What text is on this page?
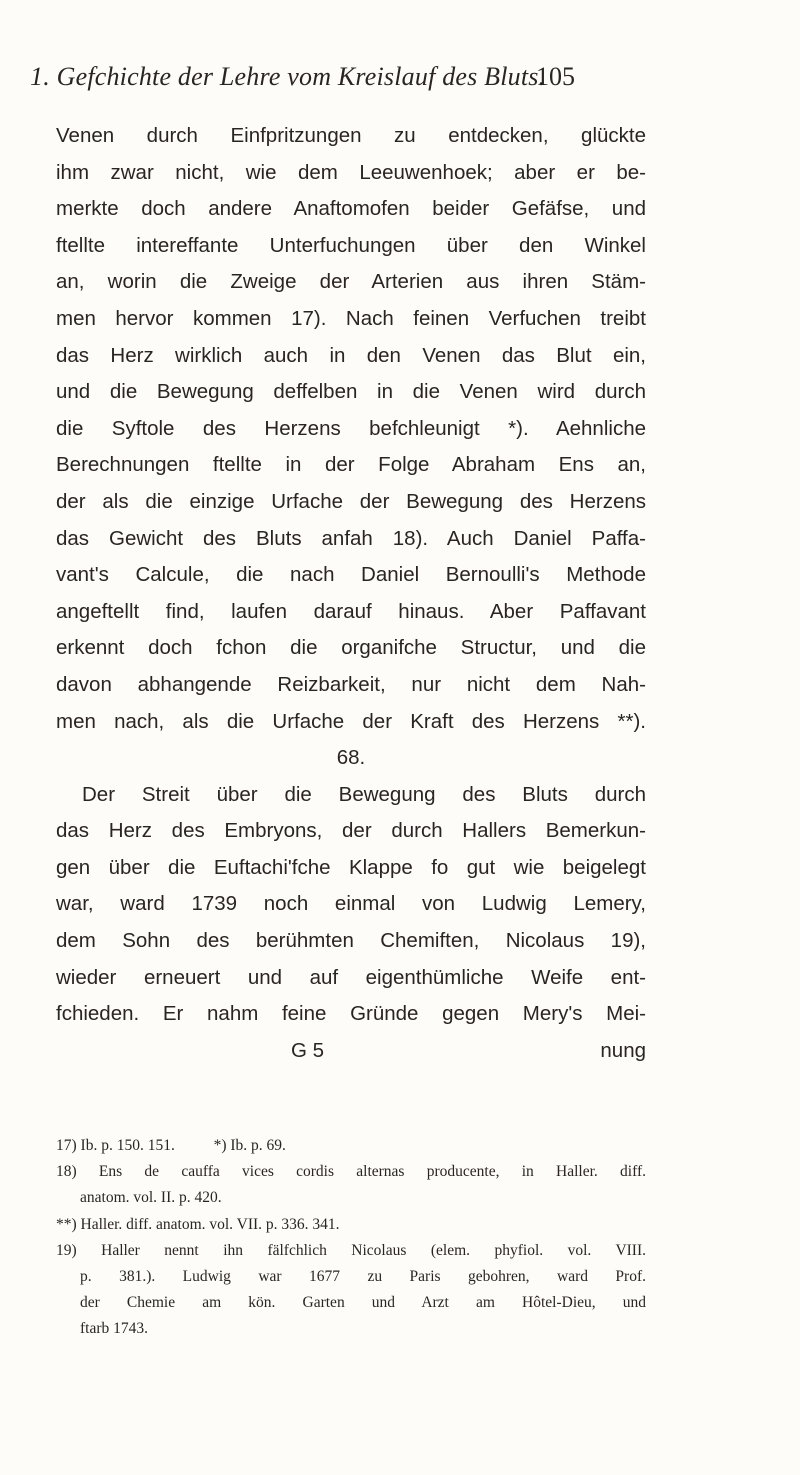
1. Gefchichte der Lehre vom Kreislauf des Bluts.
105
Venen durch Einfpritzungen zu entdecken, glückte
ihm zwar nicht, wie dem Leeuwenhoek; aber er be-
merkte doch andere Anaftomofen beider Gefäfse, und
ftellte intereffante Unterfuchungen über den Winkel
an, worin die Zweige der Arterien aus ihren Stäm-
men hervor kommen 17). Nach feinen Verfuchen treibt
das Herz wirklich auch in den Venen das Blut ein,
und die Bewegung deffelben in die Venen wird durch
die Syftole des Herzens befchleunigt *). Aehnliche
Berechnungen ftellte in der Folge Abraham Ens an,
der als die einzige Urfache der Bewegung des Herzens
das Gewicht des Bluts anfah 18). Auch Daniel Paffa-
vant's Calcule, die nach Daniel Bernoulli's Methode
angeftellt find, laufen darauf hinaus. Aber Paffavant
erkennt doch fchon die organifche Structur, und die
davon abhangende Reizbarkeit, nur nicht dem Nah-
men nach, als die Urfache der Kraft des Herzens **).
68.
Der Streit über die Bewegung des Bluts durch
das Herz des Embryons, der durch Hallers Bemerkun-
gen über die Euftachi'fche Klappe fo gut wie beigelegt
war, ward 1739 noch einmal von Ludwig Lemery,
dem Sohn des berühmten Chemiften, Nicolaus 19),
wieder erneuert und auf eigenthümliche Weife ent-
fchieden. Er nahm feine Gründe gegen Mery's Mei-
G 5	nung
17) Ib. p. 150. 151.          *) Ib. p. 69.
18) Ens de cauffa vices cordis alternas producente, in Haller. diff.
anatom. vol. II. p. 420.
**) Haller. diff. anatom. vol. VII. p. 336. 341.
19) Haller nennt ihn fälfchlich Nicolaus (elem. phyfiol. vol. VIII.
p. 381.). Ludwig war 1677 zu Paris gebohren, ward Prof.
der Chemie am kön. Garten und Arzt am Hôtel-Dieu, und
ftarb 1743.
